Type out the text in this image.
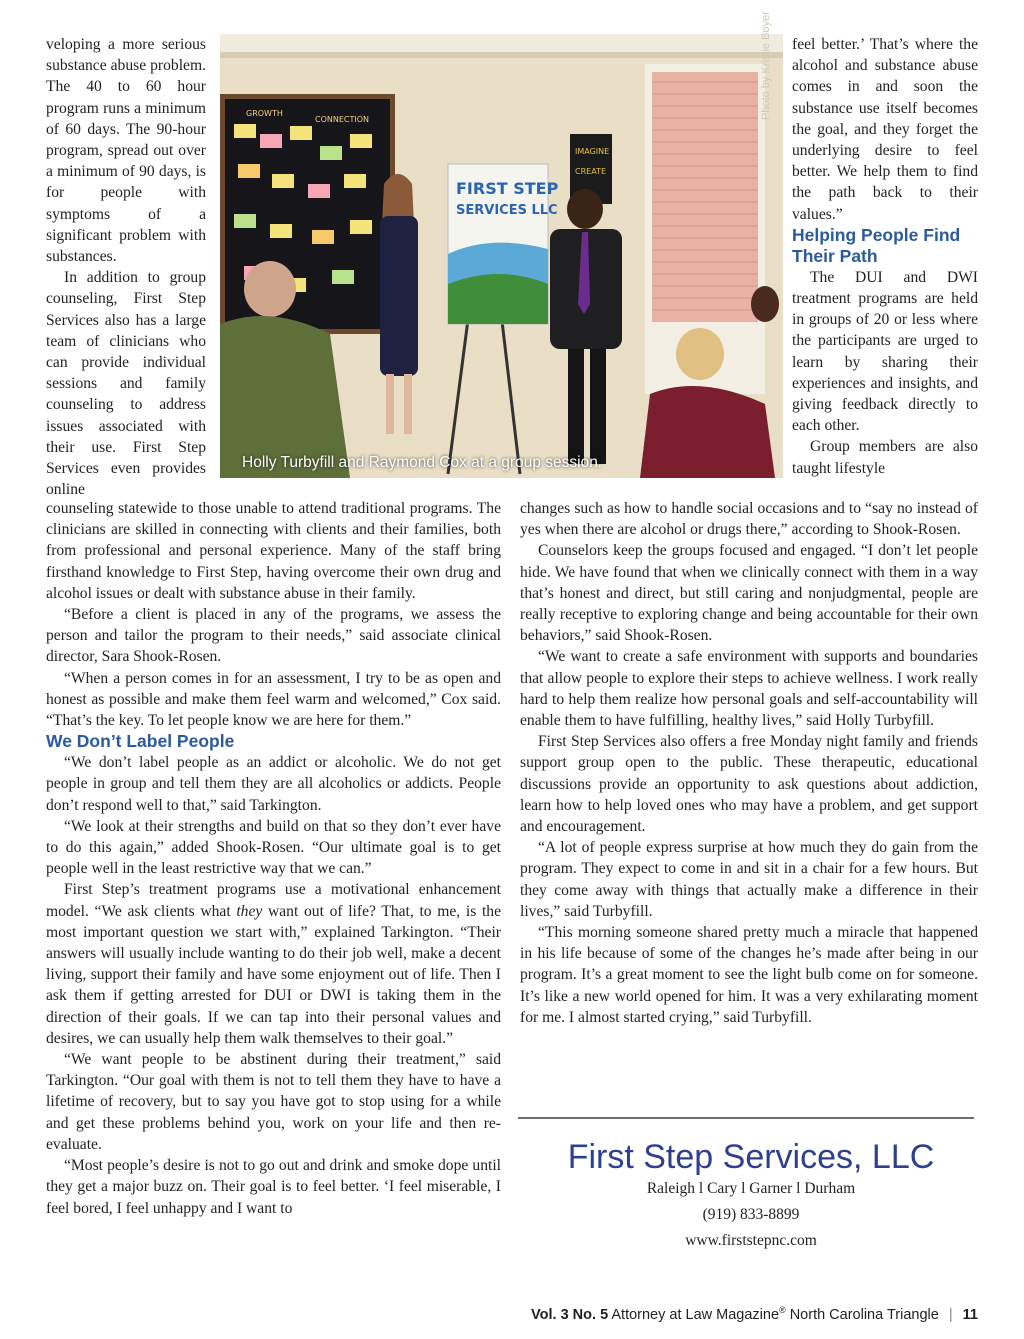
GROWTH
CONNECTION
FIRST STEP
SERVICES LLC
IMAGINE
CREATE
Photo by Kristie Boyer
Holly Turbyfill and Raymond Cox at a group session.

veloping a more serious substance abuse problem. The 40 to 60 hour program runs a minimum of 60 days. The 90-hour program, spread out over a minimum of 90 days, is for people with symptoms of a significant problem with substances.

In addition to group counseling, First Step Services also has a large team of clinicians who can provide individual sessions and family counseling to address issues associated with their use. First Step Services even provides online

feel better.’ That’s where the alcohol and substance abuse comes in and soon the substance use itself becomes the goal, and they forget the underlying desire to feel better. We help them to find the path back to their values.”

Helping People Find Their Path

The DUI and DWI treatment programs are held in groups of 20 or less where the participants are urged to learn by sharing their experiences and insights, and giving feedback directly to each other.

Group members are also taught lifestyle

counseling statewide to those unable to attend traditional programs. The clinicians are skilled in connecting with clients and their families, both from professional and personal experience. Many of the staff bring firsthand knowledge to First Step, having overcome their own drug and alcohol issues or dealt with substance abuse in their family.

“Before a client is placed in any of the programs, we assess the person and tailor the program to their needs,” said associate clinical director, Sara Shook-Rosen.

“When a person comes in for an assessment, I try to be as open and honest as possible and make them feel warm and welcomed,” Cox said. “That’s the key. To let people know we are here for them.”

We Don’t Label People

“We don’t label people as an addict or alcoholic. We do not get people in group and tell them they are all alcoholics or addicts. People don’t respond well to that,” said Tarkington.

“We look at their strengths and build on that so they don’t ever have to do this again,” added Shook-Rosen. “Our ultimate goal is to get people well in the least restrictive way that we can.”

First Step’s treatment programs use a motivational enhancement model. “We ask clients what they want out of life? That, to me, is the most important question we start with,” explained Tarkington. “Their answers will usually include wanting to do their job well, make a decent living, support their family and have some enjoyment out of life. Then I ask them if getting arrested for DUI or DWI is taking them in the direction of their goals. If we can tap into their personal values and desires, we can usually help them walk themselves to their goal.”

“We want people to be abstinent during their treatment,” said Tarkington. “Our goal with them is not to tell them they have to have a lifetime of recovery, but to say you have got to stop using for a while and get these problems behind you, work on your life and then re-evaluate.

“Most people’s desire is not to go out and drink and smoke dope until they get a major buzz on. Their goal is to feel better. ‘I feel miserable, I feel bored, I feel unhappy and I want to

changes such as how to handle social occasions and to “say no instead of yes when there are alcohol or drugs there,” according to Shook-Rosen.

Counselors keep the groups focused and engaged. “I don’t let people hide. We have found that when we clinically connect with them in a way that’s honest and direct, but still caring and nonjudgmental, people are really receptive to exploring change and being accountable for their own behaviors,” said Shook-Rosen.

“We want to create a safe environment with supports and boundaries that allow people to explore their steps to achieve wellness. I work really hard to help them realize how personal goals and self-accountability will enable them to have fulfilling, healthy lives,” said Holly Turbyfill.

First Step Services also offers a free Monday night family and friends support group open to the public. These therapeutic, educational discussions provide an opportunity to ask questions about addiction, learn how to help loved ones who may have a problem, and get support and encouragement.

“A lot of people express surprise at how much they do gain from the program. They expect to come in and sit in a chair for a few hours. But they come away with things that actually make a difference in their lives,” said Turbyfill.

“This morning someone shared pretty much a miracle that happened in his life because of some of the changes he’s made after being in our program. It’s a great moment to see the light bulb come on for someone. It’s like a new world opened for him. It was a very exhilarating moment for me. I almost started crying,” said Turbyfill.

First Step Services, LLC
Raleigh l Cary l Garner l Durham
(919) 833-8899
www.firststepnc.com
Vol. 3 No. 5 Attorney at Law Magazine® North Carolina Triangle | 11
